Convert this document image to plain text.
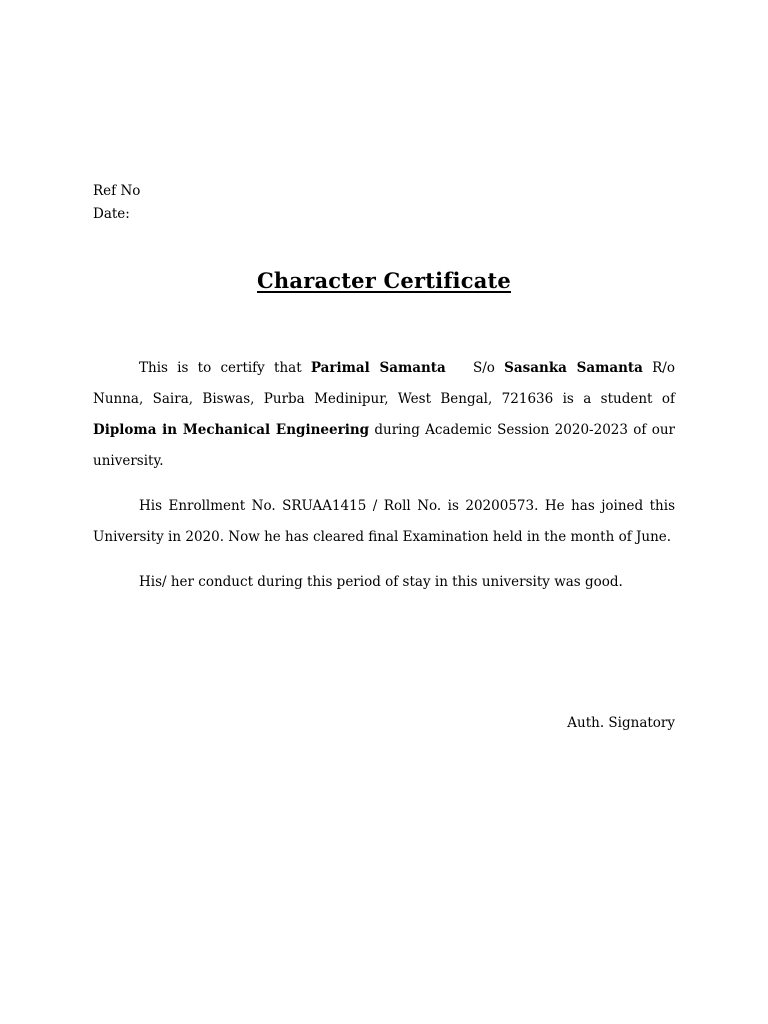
Ref No
Date:
Character Certificate

This is to certify that Parimal Samanta S/o Sasanka Samanta R/o Nunna, Saira, Biswas, Purba Medinipur, West Bengal, 721636 is a student of Diploma in Mechanical Engineering during Academic Session 2020-2023 of our university.

His Enrollment No. SRUAA1415 / Roll No. is 20200573. He has joined this University in 2020. Now he has cleared final Examination held in the month of June.

His/ her conduct during this period of stay in this university was good.

Auth. Signatory
